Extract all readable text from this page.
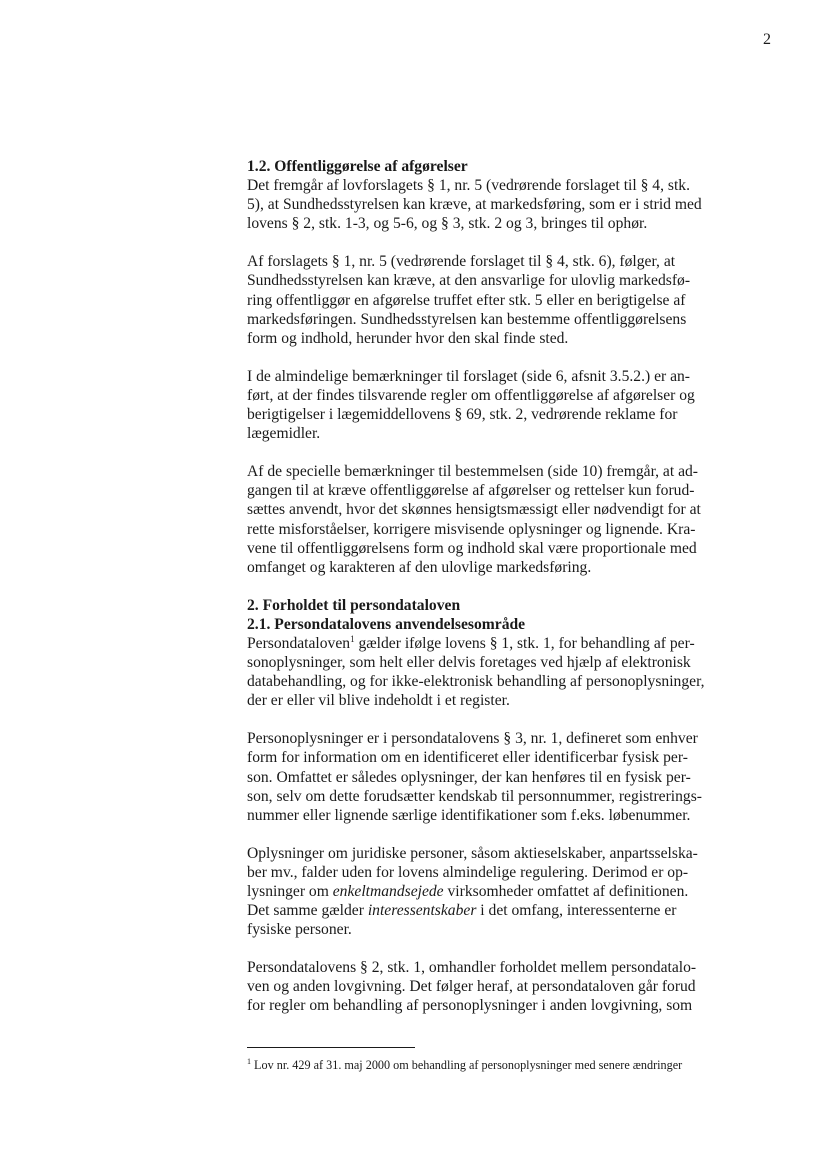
2

1.2. Offentliggørelse af afgørelser

Det fremgår af lovforslagets § 1, nr. 5 (vedrørende forslaget til § 4, stk.

5), at Sundhedsstyrelsen kan kræve, at markedsføring, som er i strid med

lovens § 2, stk. 1-3, og 5-6, og § 3, stk. 2 og 3, bringes til ophør.

Af forslagets § 1, nr. 5 (vedrørende forslaget til § 4, stk. 6), følger, at

Sundhedsstyrelsen kan kræve, at den ansvarlige for ulovlig markedsfø-

ring offentliggør en afgørelse truffet efter stk. 5 eller en berigtigelse af

markedsføringen. Sundhedsstyrelsen kan bestemme offentliggørelsens

form og indhold, herunder hvor den skal finde sted.

I de almindelige bemærkninger til forslaget (side 6, afsnit 3.5.2.) er an-

ført, at der findes tilsvarende regler om offentliggørelse af afgørelser og

berigtigelser i lægemiddellovens § 69, stk. 2, vedrørende reklame for

lægemidler.

Af de specielle bemærkninger til bestemmelsen (side 10) fremgår, at ad-

gangen til at kræve offentliggørelse af afgørelser og rettelser kun forud-

sættes anvendt, hvor det skønnes hensigtsmæssigt eller nødvendigt for at

rette misforståelser, korrigere misvisende oplysninger og lignende. Kra-

vene til offentliggørelsens form og indhold skal være proportionale med

omfanget og karakteren af den ulovlige markedsføring.

2. Forholdet til persondataloven

2.1. Persondatalovens anvendelsesområde

Persondataloven$^1$ gælder ifølge lovens § 1, stk. 1, for behandling af per-

sonoplysninger, som helt eller delvis foretages ved hjælp af elektronisk

databehandling, og for ikke-elektronisk behandling af personoplysninger,

der er eller vil blive indeholdt i et register.

Personoplysninger er i persondatalovens § 3, nr. 1, defineret som enhver

form for information om en identificeret eller identificerbar fysisk per-

son. Omfattet er således oplysninger, der kan henføres til en fysisk per-

son, selv om dette forudsætter kendskab til personnummer, registrerings-

nummer eller lignende særlige identifikationer som f.eks. løbenummer.

Oplysninger om juridiske personer, såsom aktieselskaber, anpartsselska-

ber mv., falder uden for lovens almindelige regulering. Derimod er op-

lysninger om enkeltmandsejede virksomheder omfattet af definitionen.

Det samme gælder interessentskaber i det omfang, interessenterne er

fysiske personer.

Persondatalovens § 2, stk. 1, omhandler forholdet mellem persondatalo-

ven og anden lovgivning. Det følger heraf, at persondataloven går forud

for regler om behandling af personoplysninger i anden lovgivning, som

$^1$ Lov nr. 429 af 31. maj 2000 om behandling af personoplysninger med senere ændringer
